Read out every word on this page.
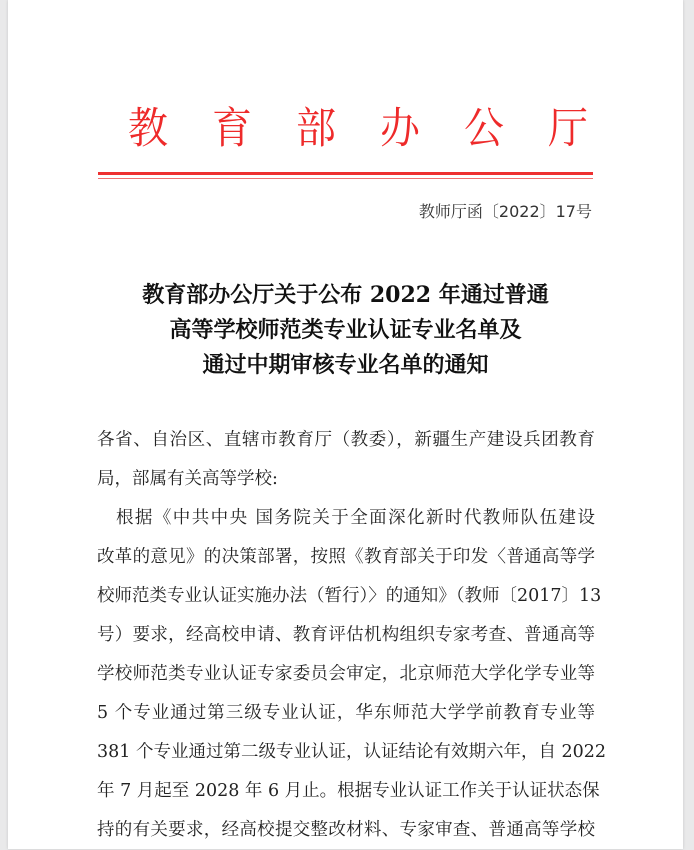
教 育 部 办 公 厅
教师厅函〔2022〕17号
教育部办公厅关于公布 2022 年通过普通
高等学校师范类专业认证专业名单及
通过中期审核专业名单的通知
各省、自治区、直辖市教育厅（教委），新疆生产建设兵团教育
局，部属有关高等学校:
　根据《中共中央 国务院关于全面深化新时代教师队伍建设
改革的意见》的决策部署，按照《教育部关于印发〈普通高等学
校师范类专业认证实施办法（暂行）〉的通知》（教师〔2017〕13
号）要求，经高校申请、教育评估机构组织专家考查、普通高等
学校师范类专业认证专家委员会审定，北京师范大学化学专业等
5 个专业通过第三级专业认证，华东师范大学学前教育专业等
381 个专业通过第二级专业认证，认证结论有效期六年，自 2022
年 7 月起至 2028 年 6 月止。根据专业认证工作关于认证状态保
持的有关要求，经高校提交整改材料、专家审查、普通高等学校
